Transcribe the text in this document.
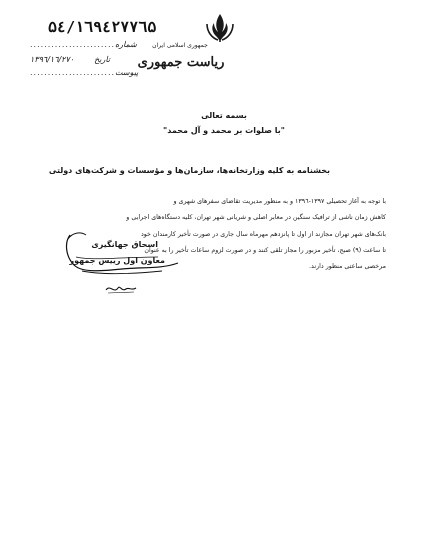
جمهوری اسلامی ایران
ریاست جمهوری
۵٤/۱٦۹٤۲۷۷٦۵
........................ شماره
۱۳۹٦/۱٦/۲۷۰	تاریخ
........................ پیوست
بسمه تعالی
"با صلوات بر محمد و آل محمد"
بخشنامه به کلیه وزارتخانه‌ها، سازمان‌ها و مؤسسات و شرکت‌های دولتی

با توجه به آغاز تحصیلی ۱۳۹۷-۱۳۹٦ و به منظور مدیریت تقاضای سفرهای شهری و

کاهش زمان ناشی از ترافیک سنگین در معابر اصلی و شریانی شهر تهران، کلیه دستگاه‌های اجرایی و

بانک‌های شهر تهران مجازند از اول تا پانزدهم مهرماه سال جاری در صورت تأخیر کارمندان خود

تا ساعت (۹) صبح، تأخیر مزبور را مجاز تلقی کنند و در صورت لزوم ساعات تأخیر را به عنوان

مرخصی ساعتی منظور دارند.

اسحاق جهانگیری
معاون اول رییس جمهور
